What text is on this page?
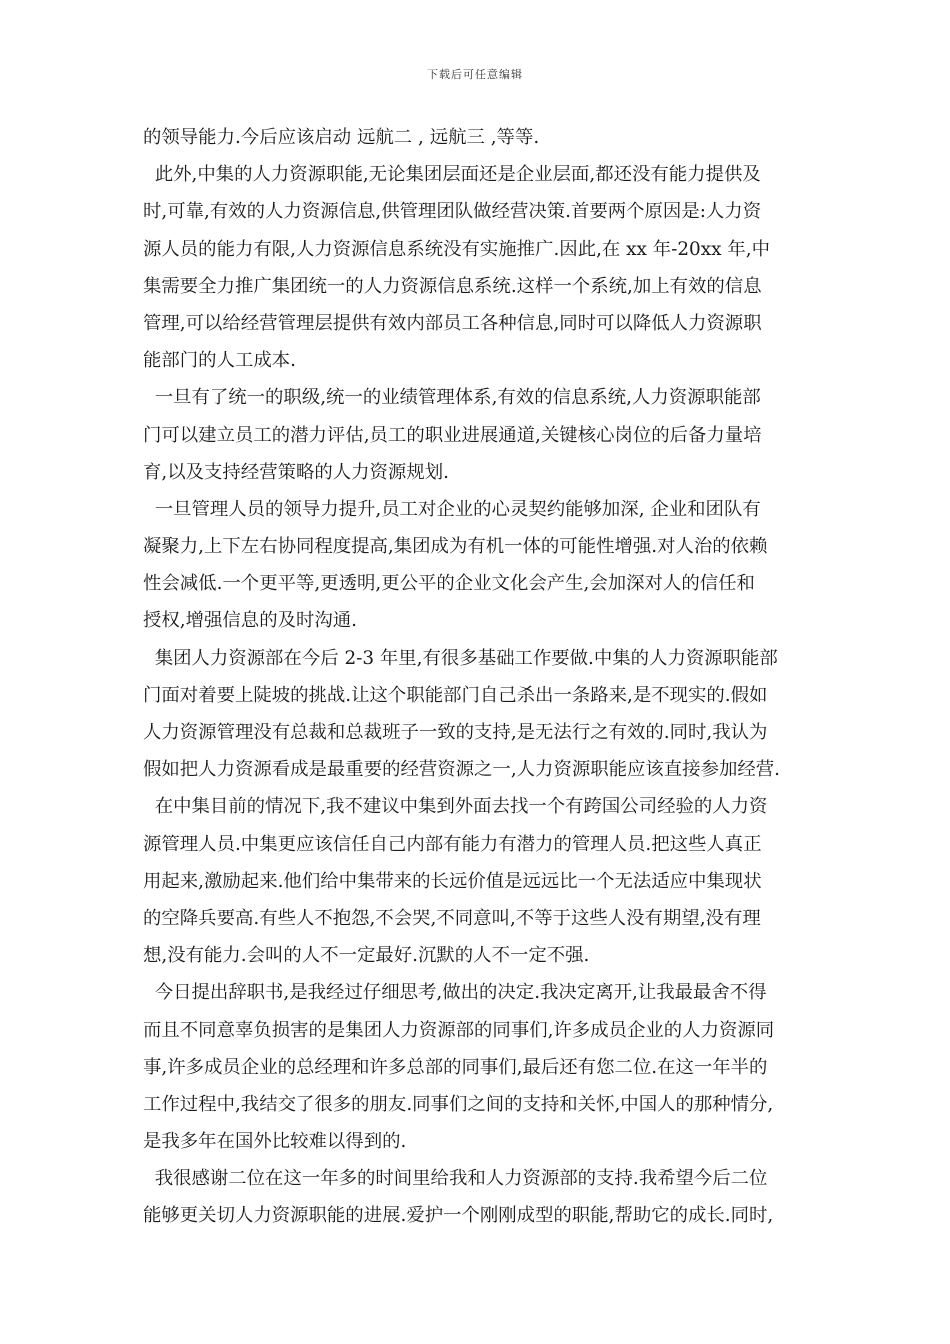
下载后可任意编辑
的领导能力.今后应该启动 远航二 , 远航三 ,等等.
此外,中集的人力资源职能,无论集团层面还是企业层面,都还没有能力提供及
时,可靠,有效的人力资源信息,供管理团队做经营决策.首要两个原因是:人力资
源人员的能力有限,人力资源信息系统没有实施推广.因此,在 xx 年-20xx 年,中
集需要全力推广集团统一的人力资源信息系统.这样一个系统,加上有效的信息
管理,可以给经营管理层提供有效内部员工各种信息,同时可以降低人力资源职
能部门的人工成本.
一旦有了统一的职级,统一的业绩管理体系,有效的信息系统,人力资源职能部
门可以建立员工的潜力评估,员工的职业进展通道,关键核心岗位的后备力量培
育,以及支持经营策略的人力资源规划.
一旦管理人员的领导力提升,员工对企业的心灵契约能够加深, 企业和团队有
凝聚力,上下左右协同程度提高,集团成为有机一体的可能性增强.对人治的依赖
性会减低.一个更平等,更透明,更公平的企业文化会产生,会加深对人的信任和
授权,增强信息的及时沟通.
集团人力资源部在今后 2-3 年里,有很多基础工作要做.中集的人力资源职能部
门面对着要上陡坡的挑战.让这个职能部门自己杀出一条路来,是不现实的.假如
人力资源管理没有总裁和总裁班子一致的支持,是无法行之有效的.同时,我认为
假如把人力资源看成是最重要的经营资源之一,人力资源职能应该直接参加经营.
在中集目前的情况下,我不建议中集到外面去找一个有跨国公司经验的人力资
源管理人员.中集更应该信任自己内部有能力有潜力的管理人员.把这些人真正
用起来,激励起来.他们给中集带来的长远价值是远远比一个无法适应中集现状
的空降兵要高.有些人不抱怨,不会哭,不同意叫,不等于这些人没有期望,没有理
想,没有能力.会叫的人不一定最好.沉默的人不一定不强.
今日提出辞职书,是我经过仔细思考,做出的决定.我决定离开,让我最最舍不得
而且不同意辜负损害的是集团人力资源部的同事们,许多成员企业的人力资源同
事,许多成员企业的总经理和许多总部的同事们,最后还有您二位.在这一年半的
工作过程中,我结交了很多的朋友.同事们之间的支持和关怀,中国人的那种情分,
是我多年在国外比较难以得到的.
我很感谢二位在这一年多的时间里给我和人力资源部的支持.我希望今后二位
能够更关切人力资源职能的进展.爱护一个刚刚成型的职能,帮助它的成长.同时,
